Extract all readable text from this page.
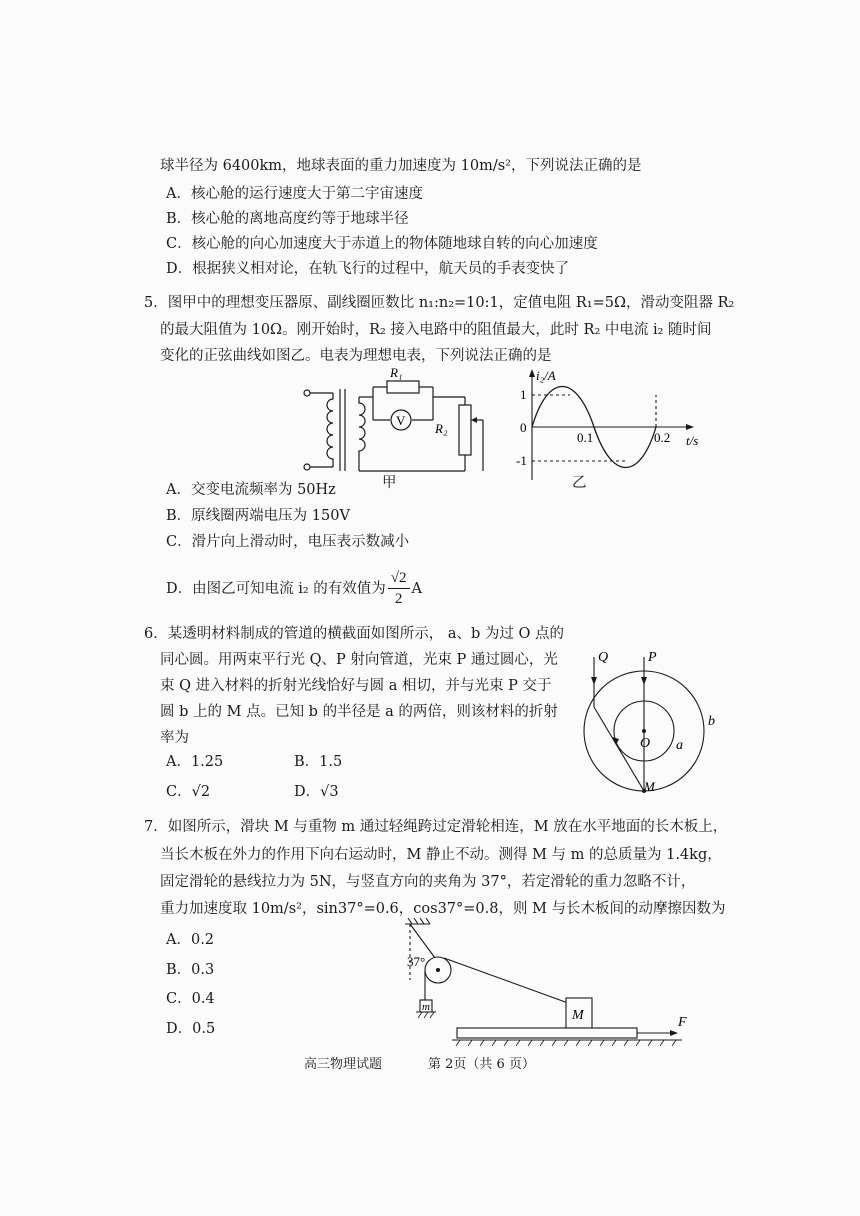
球半径为 6400km，地球表面的重力加速度为 10m/s²，下列说法正确的是
A．核心舱的运行速度大于第二宇宙速度
B．核心舱的离地高度约等于地球半径
C．核心舱的向心加速度大于赤道上的物体随地球自转的向心加速度
D．根据狭义相对论，在轨飞行的过程中，航天员的手表变快了
5．图甲中的理想变压器原、副线圈匝数比 n₁:n₂=10:1，定值电阻 R₁=5Ω，滑动变阻器 R₂
的最大阻值为 10Ω。刚开始时，R₂ 接入电路中的阻值最大，此时 R₂ 中电流 i₂ 随时间
变化的正弦曲线如图乙。电表为理想电表，下列说法正确的是
R₁
V
R₂
甲
i₂/A
1
0
-1
0.1	0.2 t/s
乙
A．交变电流频率为 50Hz
B．原线圈两端电压为 150V
C．滑片向上滑动时，电压表示数减小
D．由图乙可知电流 i₂ 的有效值为 $\frac{√2}{2}$ A
6．某透明材料制成的管道的横截面如图所示， a、b 为过 O 点的
同心圆。用两束平行光 Q、P 射向管道，光束 P 通过圆心，光
束 Q 进入材料的折射光线恰好与圆 a 相切，并与光束 P 交于
圆 b 上的 M 点。已知 b 的半径是 a 的两倍，则该材料的折射
率为
A．1.25	B．1.5
C．√2	D．√3
Q	P
b
O a
M
7．如图所示，滑块 M 与重物 m 通过轻绳跨过定滑轮相连，M 放在水平地面的长木板上，
当长木板在外力的作用下向右运动时，M 静止不动。测得 M 与 m 的总质量为 1.4kg，
固定滑轮的悬线拉力为 5N，与竖直方向的夹角为 37°，若定滑轮的重力忽略不计，
重力加速度取 10m/s²，sin37°=0.6，cos37°=0.8，则 M 与长木板间的动摩擦因数为
A．0.2
B．0.3
C．0.4
D．0.5
37°
m
M	F
高三物理试题	第 2页（共 6 页）
